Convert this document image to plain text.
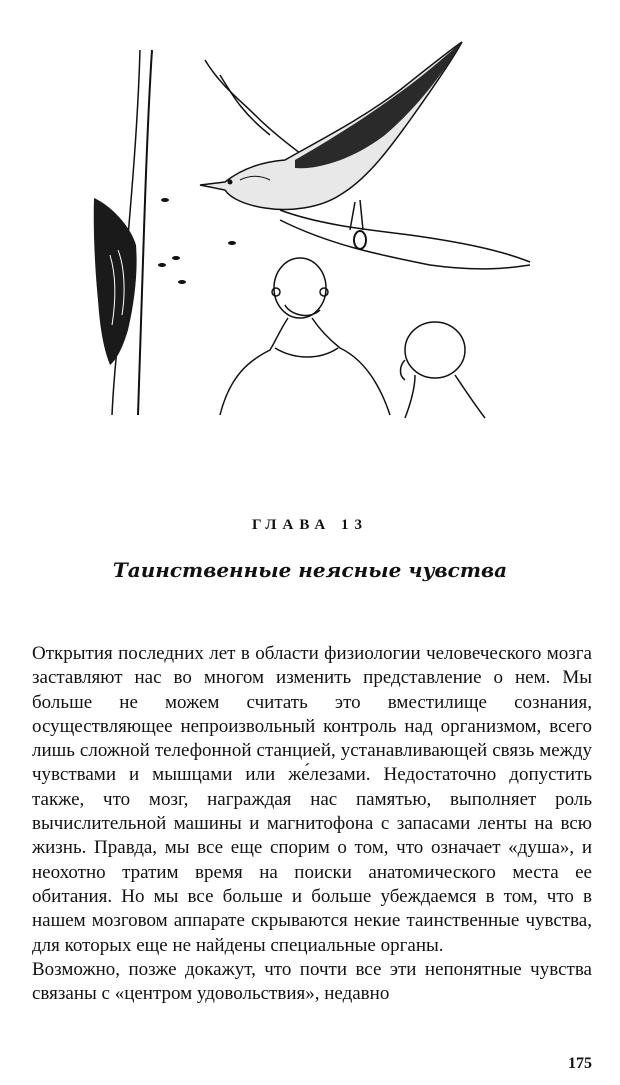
ГЛАВА 13
Таинственные неясные чувства

Открытия последних лет в области физиологии человеческого мозга заставляют нас во многом изменить представление о нем. Мы больше не можем считать это вместилище сознания, осуществляющее непроизвольный контроль над организмом, всего лишь сложной телефонной станцией, устанавливающей связь между чувствами и мышцами или же́лезами. Недостаточно допустить также, что мозг, награждая нас памятью, выполняет роль вычислительной машины и магнитофона с запасами ленты на всю жизнь. Правда, мы все еще спорим о том, что означает «душа», и неохотно тратим время на поиски анатомического места ее обитания. Но мы все больше и больше убеждаемся в том, что в нашем мозговом аппарате скрываются некие таинственные чувства, для которых еще не найдены специальные органы.

Возможно, позже докажут, что почти все эти непонятные чувства связаны с «центром удовольствия», недавно

175
